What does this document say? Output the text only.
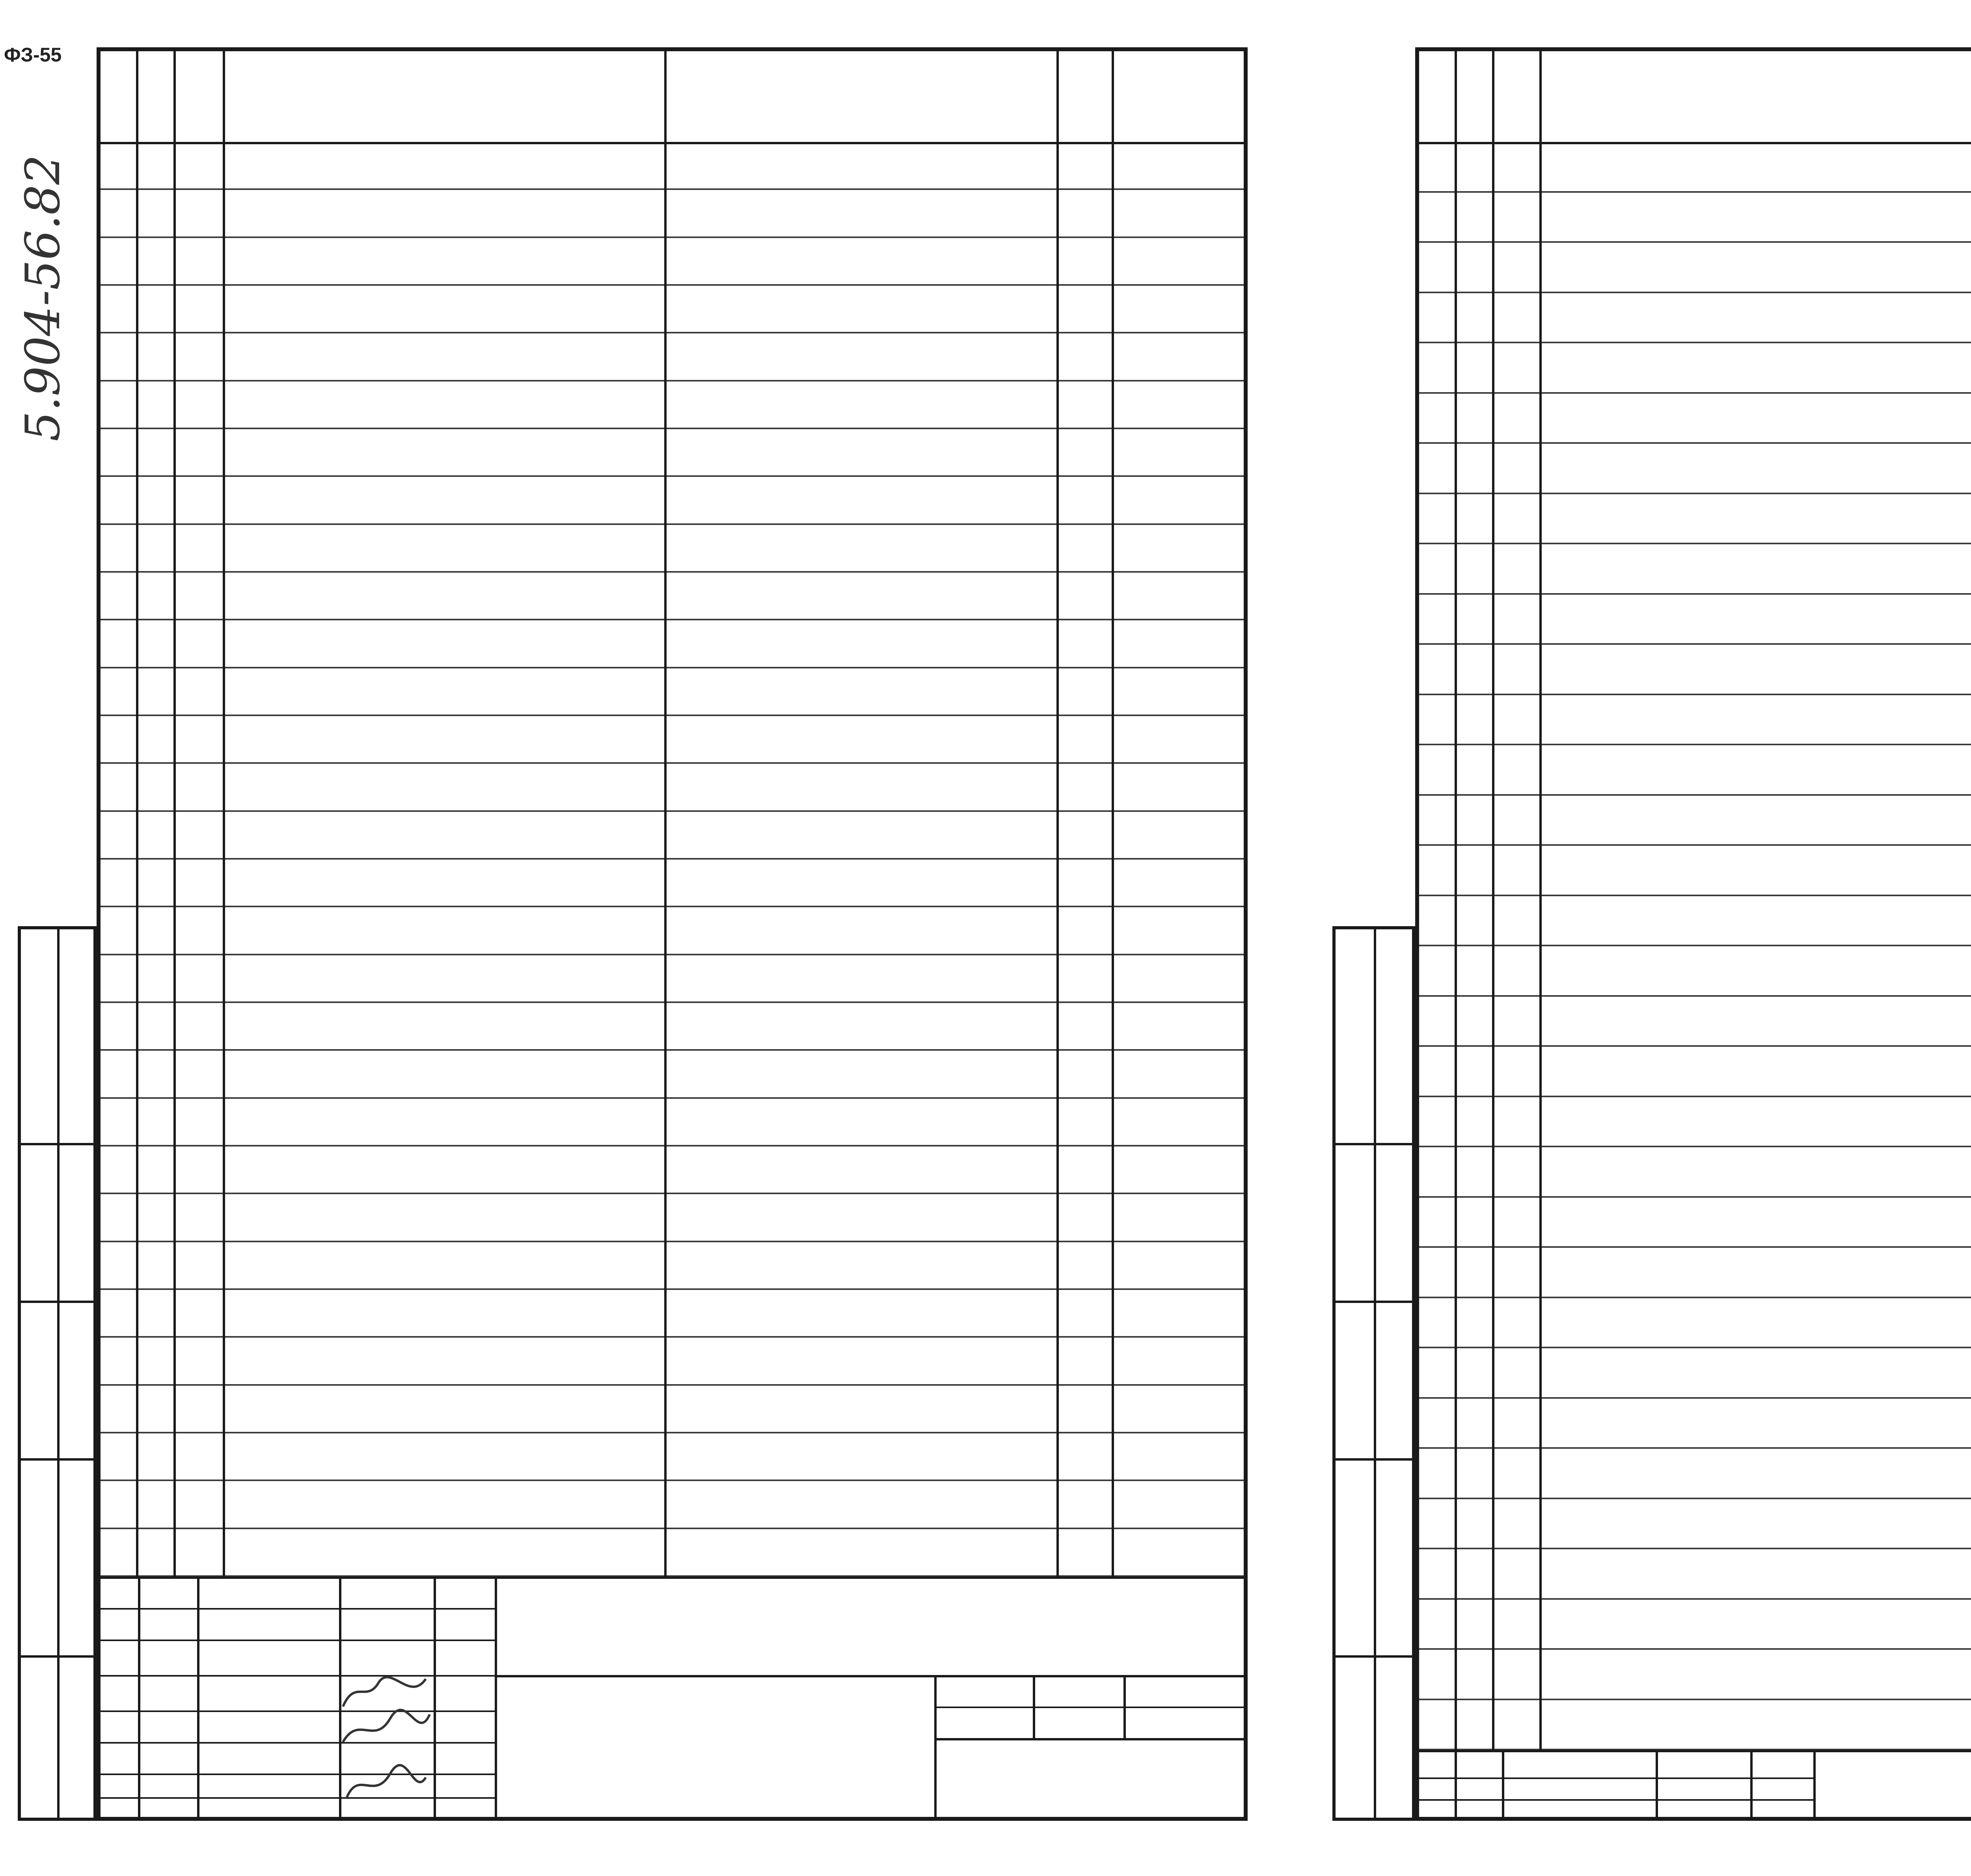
ФЗ-55
5.904-56.82
